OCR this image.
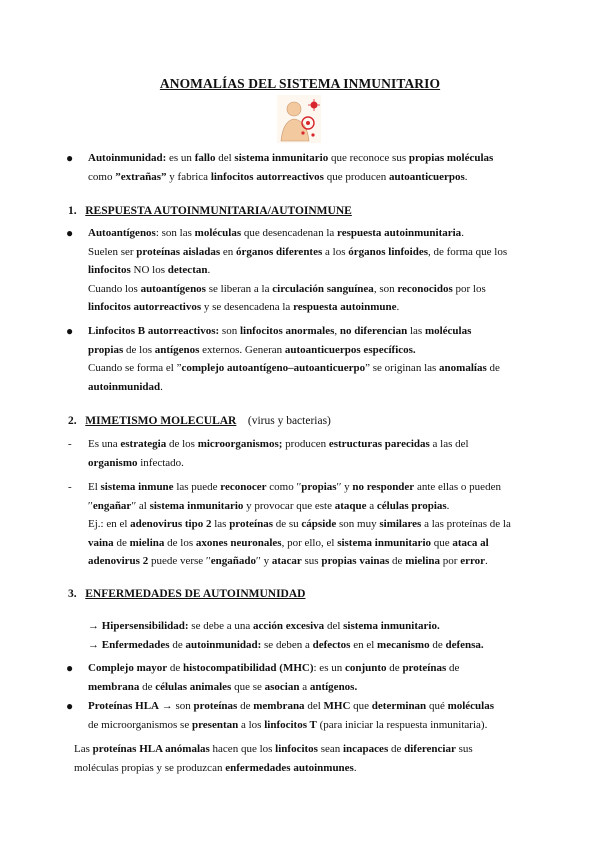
ANOMALÍAS DEL SISTEMA INMUNITARIO
● Autoinmunidad: es un fallo del sistema inmunitario que reconoce sus propias moléculas
como ”extrañas” y fabrica linfocitos autorreactivos que producen autoanticuerpos.
1. RESPUESTA AUTOINMUNITARIA/AUTOINMUNE
● Autoantígenos: son las moléculas que desencadenan la respuesta autoinmunitaria.
Suelen ser proteínas aisladas en órganos diferentes a los órganos linfoides, de forma que los
linfocitos NO los detectan.
Cuando los autoantígenos se liberan a la circulación sanguínea, son reconocidos por los
linfocitos autorreactivos y se desencadena la respuesta autoinmune.
● Linfocitos B autorreactivos: son linfocitos anormales, no diferencian las moléculas
propias de los antígenos externos. Generan autoanticuerpos específicos.
Cuando se forma el ”complejo autoantígeno–autoanticuerpo” se originan las anomalías de
autoinmunidad.
2. MIMETISMO MOLECULAR (virus y bacterias)
- Es una estrategia de los microorganismos; producen estructuras parecidas a las del
organismo infectado.
- El sistema inmune las puede reconocer como ′′propias′′ y no responder ante ellas o pueden
′′engañar′′ al sistema inmunitario y provocar que este ataque a células propias.
Ej.: en el adenovirus tipo 2 las proteínas de su cápside son muy similares a las proteínas de la
vaina de mielina de los axones neuronales, por ello, el sistema inmunitario que ataca al
adenovirus 2 puede verse ′′engañado′′ y atacar sus propias vainas de mielina por error.
3. ENFERMEDADES DE AUTOINMUNIDAD
→ Hipersensibilidad: se debe a una acción excesiva del sistema inmunitario.
→ Enfermedades de autoinmunidad: se deben a defectos en el mecanismo de defensa.
● Complejo mayor de histocompatibilidad (MHC): es un conjunto de proteínas de
membrana de células animales que se asocian a antígenos.
● Proteínas HLA → son proteínas de membrana del MHC que determinan qué moléculas
de microorganismos se presentan a los linfocitos T (para iniciar la respuesta inmunitaria).
Las proteínas HLA anómalas hacen que los linfocitos sean incapaces de diferenciar sus
moléculas propias y se produzcan enfermedades autoinmunes.
